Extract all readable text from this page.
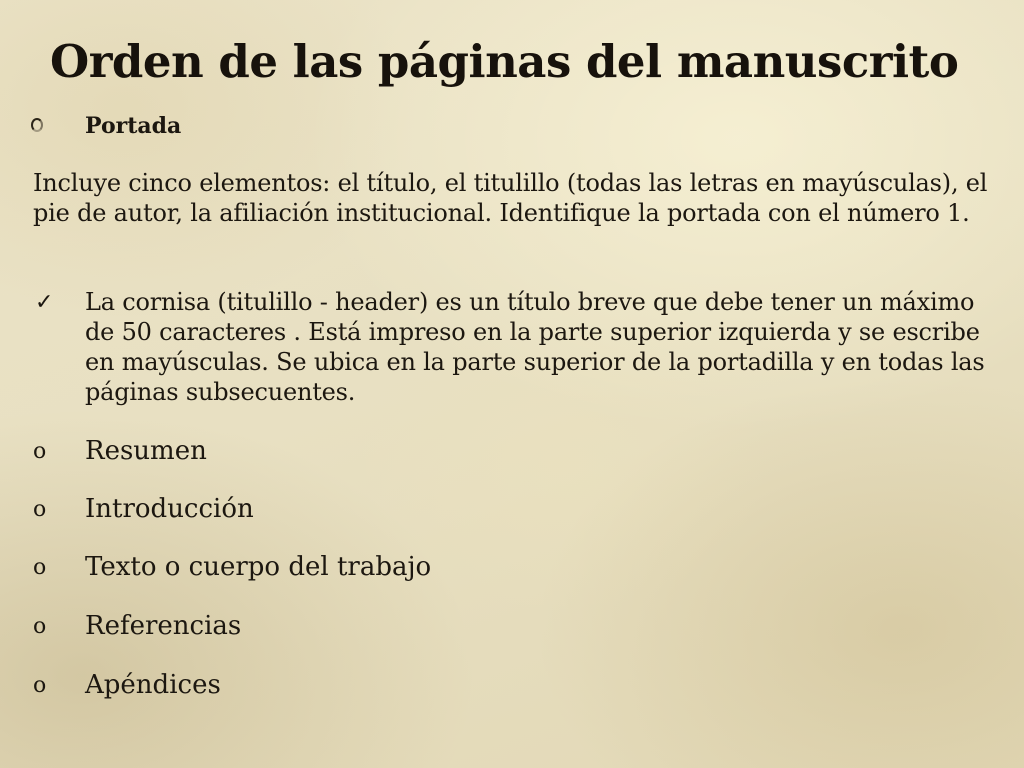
Orden de las páginas del manuscrito
Portada

Incluye cinco elementos: el título, el titulillo (todas las letras en mayúsculas), el pie de autor, la afiliación institucional. Identifique la portada con el número 1.

✓ La cornisa (titulillo - header) es un título breve que debe tener un máximo de 50 caracteres . Está impreso en la parte superior izquierda y se escribe en mayúsculas. Se ubica en la parte superior de la portadilla y en todas las páginas subsecuentes.

o Resumen
o Introducción
o Texto o cuerpo del trabajo
o Referencias
o Apéndices
